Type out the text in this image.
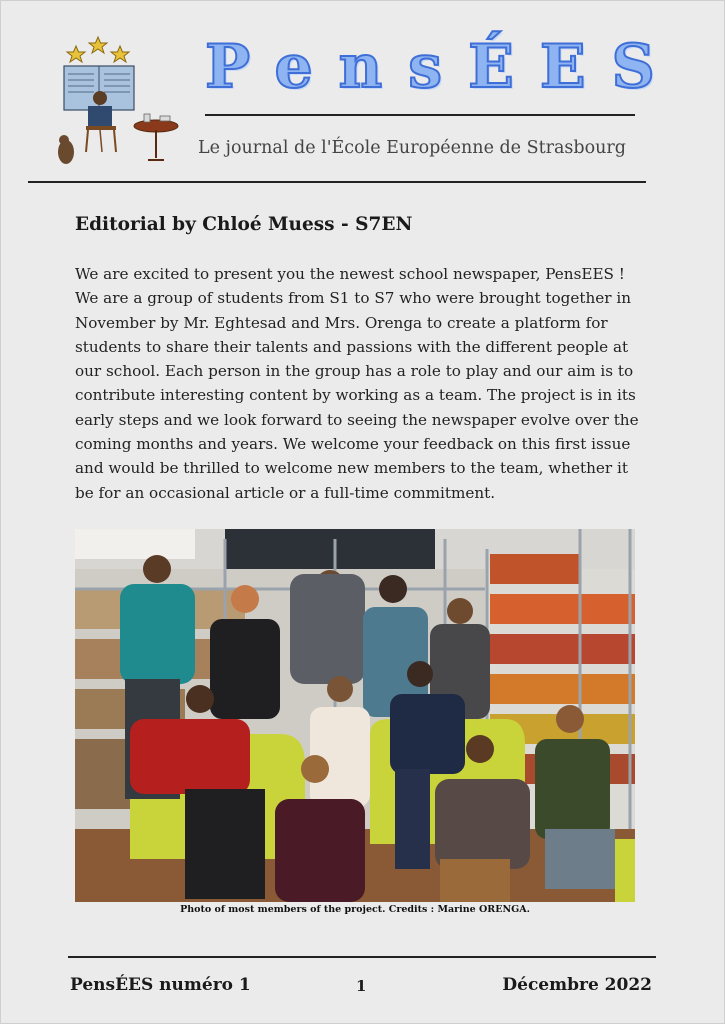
PensÉES
Le journal de l'École Européenne de Strasbourg
Editorial by Chloé Muess - S7EN
We are excited to present you the newest school newspaper, PensEES !
We are a group of students from S1 to S7 who were brought together in
November by Mr. Eghtesad and Mrs. Orenga to create a platform for
students to share their talents and passions with the different people at
our school. Each person in the group has a role to play and our aim is to
contribute interesting content by working as a team. The project is in its
early steps and we look forward to seeing the newspaper evolve over the
coming months and years. We welcome your feedback on this first issue
and would be thrilled to welcome new members to the team, whether it
be for an occasional article or a full-time commitment.
Photo of most members of the project. Credits : Marine ORENGA.
PensÉES numéro 1	1	Décembre 2022
